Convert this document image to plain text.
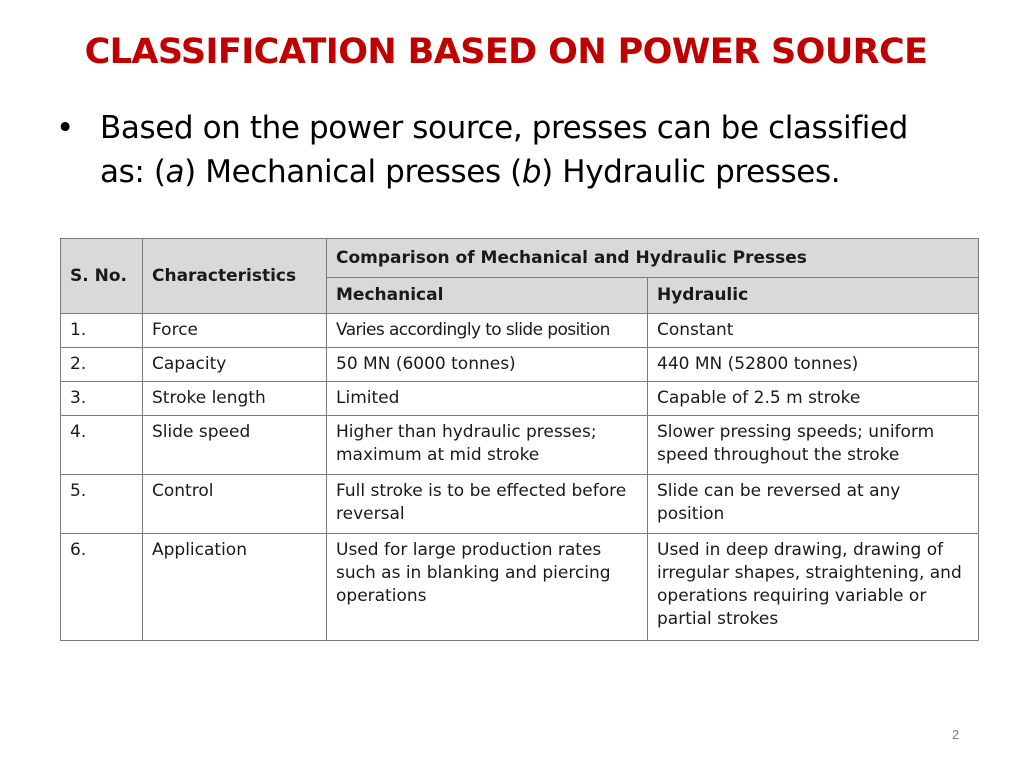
CLASSIFICATION BASED ON POWER SOURCE
• Based on the power source, presses can be classified
as: (a) Mechanical presses (b) Hydraulic presses.
S. No.	Characteristics	Comparison of Mechanical and Hydraulic Presses	
		Mechanical	Hydraulic
1.	Force	Varies accordingly to slide position	Constant
2.	Capacity	50 MN (6000 tonnes)	440 MN (52800 tonnes)
3.	Stroke length	Limited	Capable of 2.5 m stroke
4.	Slide speed	Higher than hydraulic presses; maximum at mid stroke	Slower pressing speeds; uniform speed throughout the stroke
5.	Control	Full stroke is to be effected before reversal	Slide can be reversed at any position
6.	Application	Used for large production rates such as in blanking and piercing operations	Used in deep drawing, drawing of irregular shapes, straightening, and operations requiring variable or partial strokes
2
